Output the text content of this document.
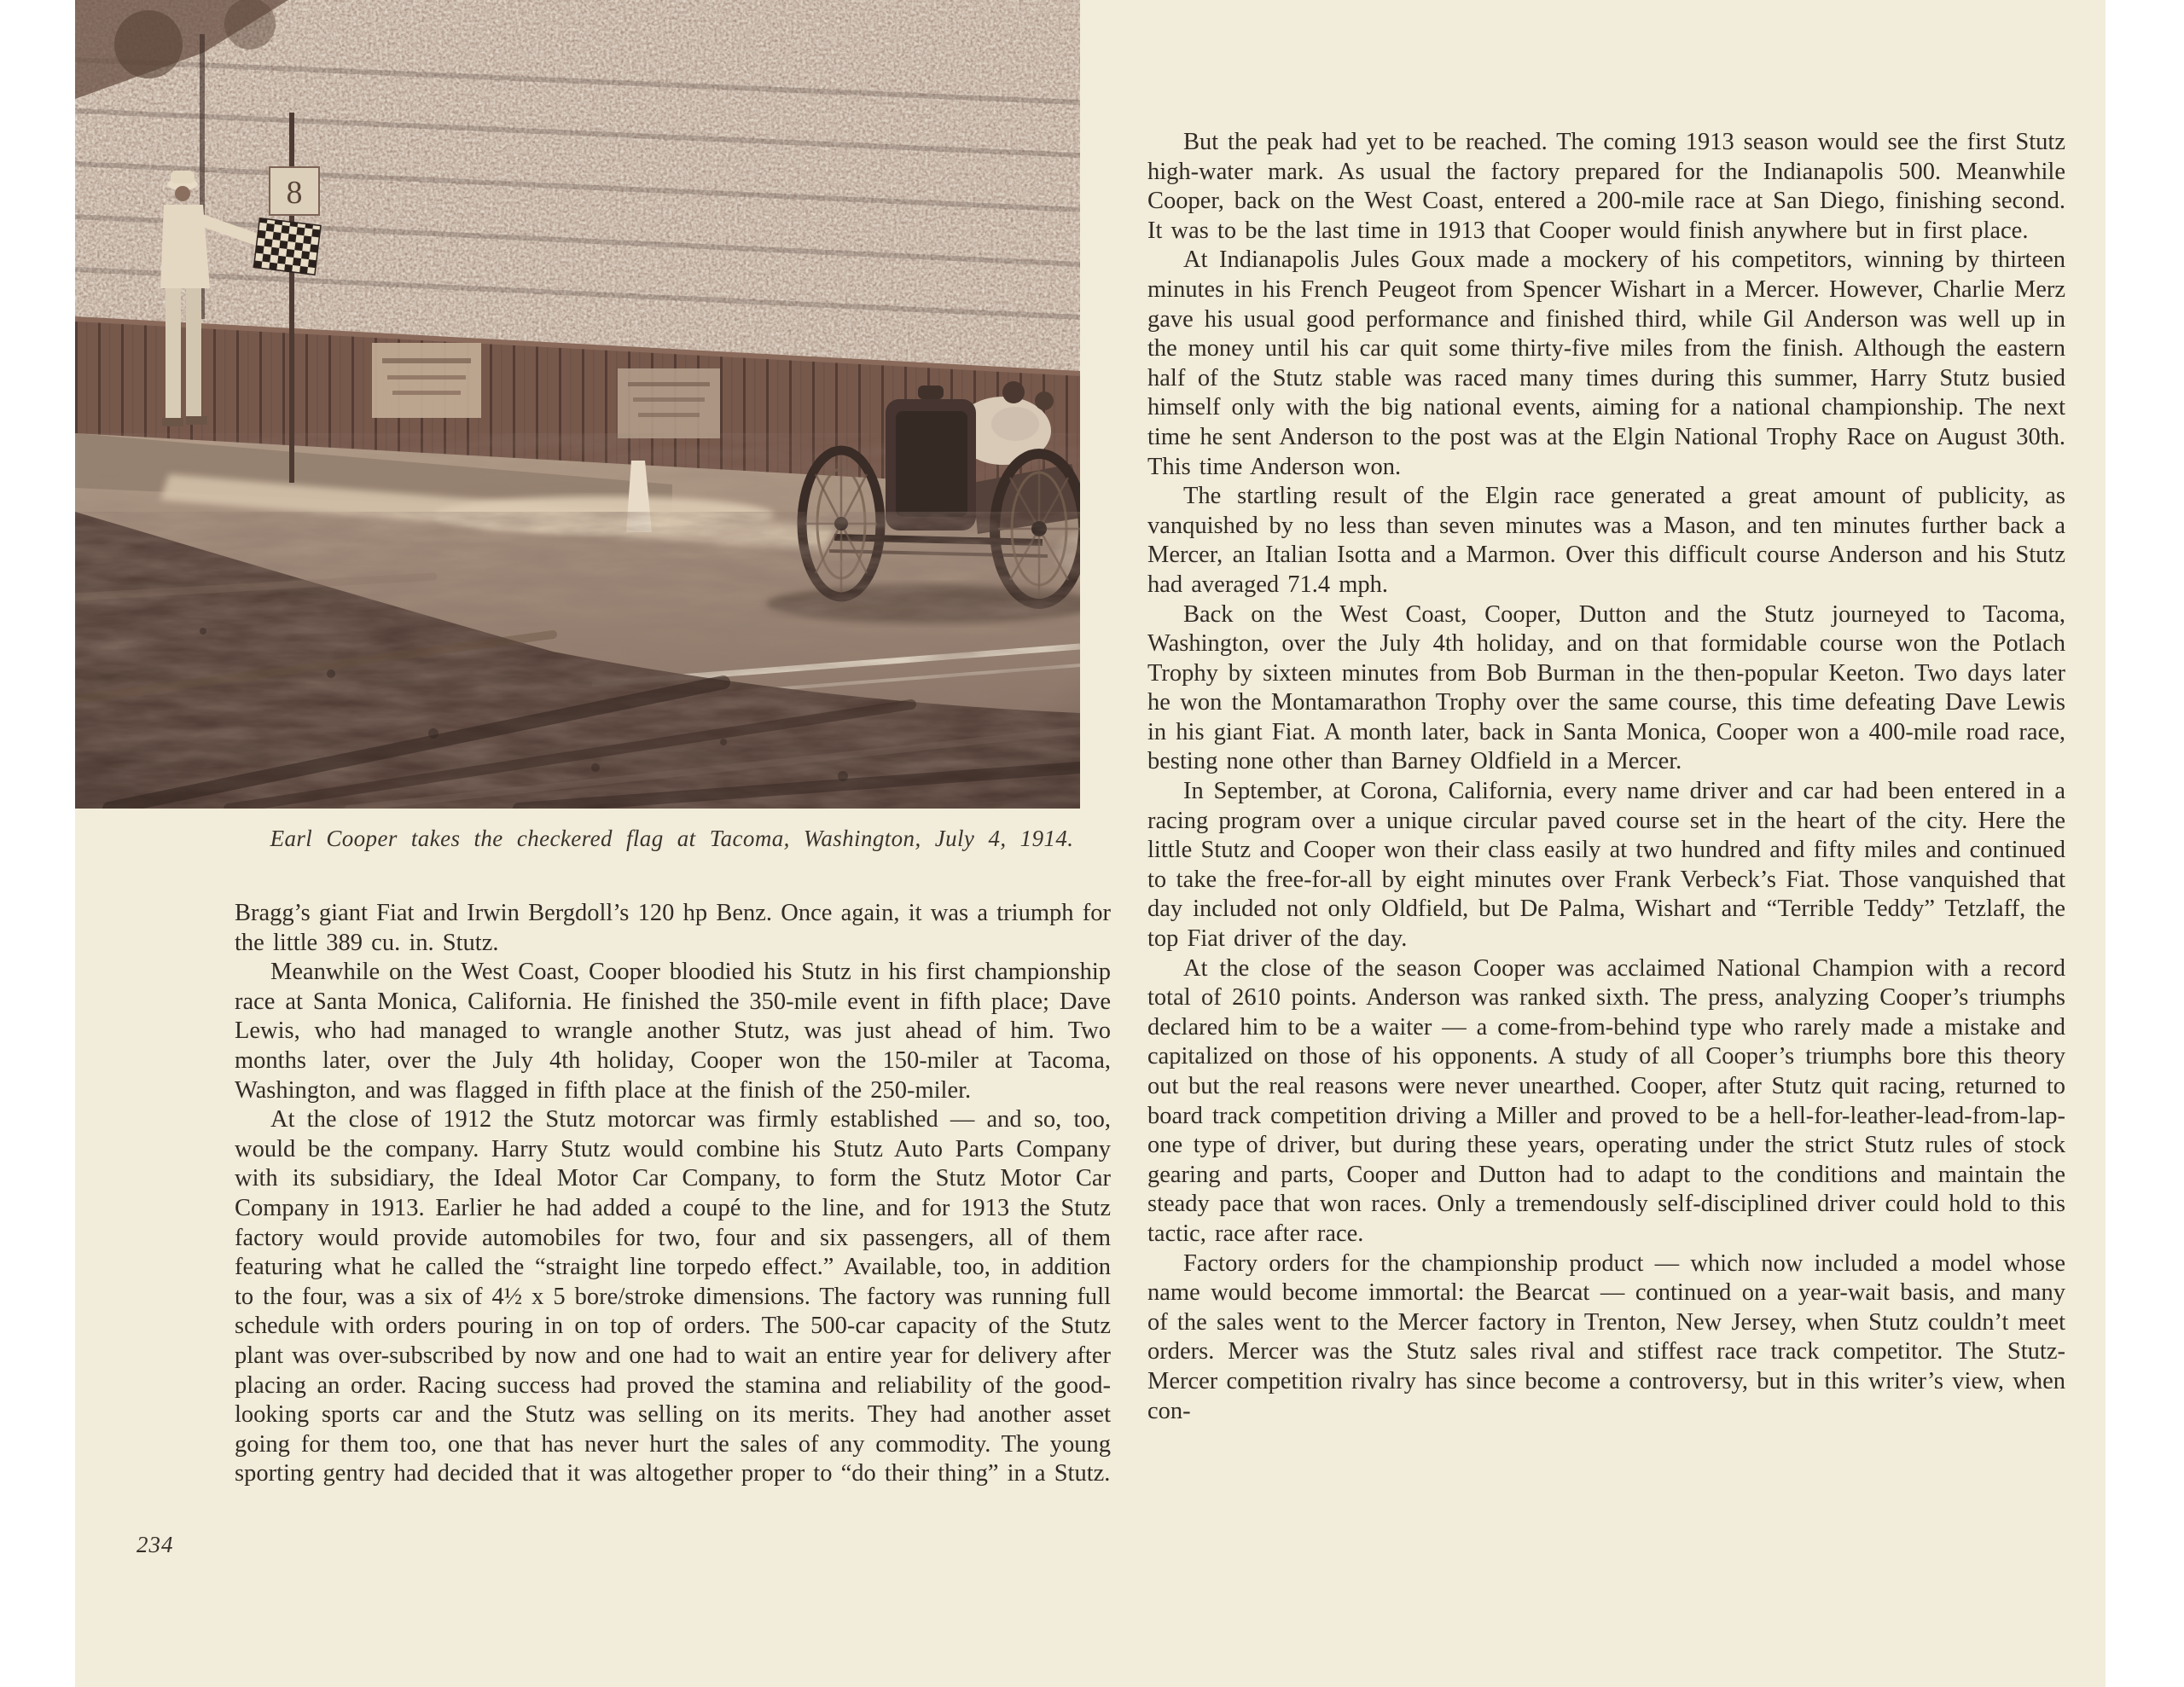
Earl Cooper takes the checkered flag at Tacoma, Washington, July 4, 1914.

Bragg’s giant Fiat and Irwin Bergdoll’s 120 hp Benz. Once again, it was a triumph for the little 389 cu. in. Stutz.

Meanwhile on the West Coast, Cooper bloodied his Stutz in his first championship race at Santa Monica, California. He finished the 350-mile event in fifth place; Dave Lewis, who had managed to wrangle another Stutz, was just ahead of him. Two months later, over the July 4th holiday, Cooper won the 150-miler at Tacoma, Washington, and was flagged in fifth place at the finish of the 250-miler.

At the close of 1912 the Stutz motorcar was firmly established — and so, too, would be the company. Harry Stutz would combine his Stutz Auto Parts Company with its subsidiary, the Ideal Motor Car Company, to form the Stutz Motor Car Company in 1913. Earlier he had added a coupé to the line, and for 1913 the Stutz factory would provide automobiles for two, four and six passengers, all of them featuring what he called the “straight line torpedo effect.” Available, too, in addition to the four, was a six of 4½ x 5 bore/stroke dimensions. The factory was running full schedule with orders pouring in on top of orders. The 500-car capacity of the Stutz plant was over-subscribed by now and one had to wait an entire year for delivery after placing an order. Racing success had proved the stamina and reliability of the good-looking sports car and the Stutz was selling on its merits. They had another asset going for them too, one that has never hurt the sales of any commodity. The young sporting gentry had decided that it was altogether proper to “do their thing” in a Stutz.

But the peak had yet to be reached. The coming 1913 season would see the first Stutz high-water mark. As usual the factory prepared for the Indianapolis 500. Meanwhile Cooper, back on the West Coast, entered a 200-mile race at San Diego, finishing second. It was to be the last time in 1913 that Cooper would finish anywhere but in first place.

At Indianapolis Jules Goux made a mockery of his competitors, winning by thirteen minutes in his French Peugeot from Spencer Wishart in a Mercer. However, Charlie Merz gave his usual good performance and finished third, while Gil Anderson was well up in the money until his car quit some thirty-five miles from the finish. Although the eastern half of the Stutz stable was raced many times during this summer, Harry Stutz busied himself only with the big national events, aiming for a national championship. The next time he sent Anderson to the post was at the Elgin National Trophy Race on August 30th. This time Anderson won.

The startling result of the Elgin race generated a great amount of publicity, as vanquished by no less than seven minutes was a Mason, and ten minutes further back a Mercer, an Italian Isotta and a Marmon. Over this difficult course Anderson and his Stutz had averaged 71.4 mph.

Back on the West Coast, Cooper, Dutton and the Stutz journeyed to Tacoma, Washington, over the July 4th holiday, and on that formidable course won the Potlach Trophy by sixteen minutes from Bob Burman in the then-popular Keeton. Two days later he won the Montamarathon Trophy over the same course, this time defeating Dave Lewis in his giant Fiat. A month later, back in Santa Monica, Cooper won a 400-mile road race, besting none other than Barney Oldfield in a Mercer.

In September, at Corona, California, every name driver and car had been entered in a racing program over a unique circular paved course set in the heart of the city. Here the little Stutz and Cooper won their class easily at two hundred and fifty miles and continued to take the free-for-all by eight minutes over Frank Verbeck’s Fiat. Those vanquished that day included not only Oldfield, but De Palma, Wishart and “Terrible Teddy” Tetzlaff, the top Fiat driver of the day.

At the close of the season Cooper was acclaimed National Champion with a record total of 2610 points. Anderson was ranked sixth. The press, analyzing Cooper’s triumphs declared him to be a waiter — a come-from-behind type who rarely made a mistake and capitalized on those of his opponents. A study of all Cooper’s triumphs bore this theory out but the real reasons were never unearthed. Cooper, after Stutz quit racing, returned to board track competition driving a Miller and proved to be a hell-for-leather-lead-from-lap-one type of driver, but during these years, operating under the strict Stutz rules of stock gearing and parts, Cooper and Dutton had to adapt to the conditions and maintain the steady pace that won races. Only a tremendously self-disciplined driver could hold to this tactic, race after race.

Factory orders for the championship product — which now included a model whose name would become immortal: the Bearcat — continued on a year-wait basis, and many of the sales went to the Mercer factory in Trenton, New Jersey, when Stutz couldn’t meet orders. Mercer was the Stutz sales rival and stiffest race track competitor. The Stutz-Mercer competition rivalry has since become a controversy, but in this writer’s view, when con-

234
